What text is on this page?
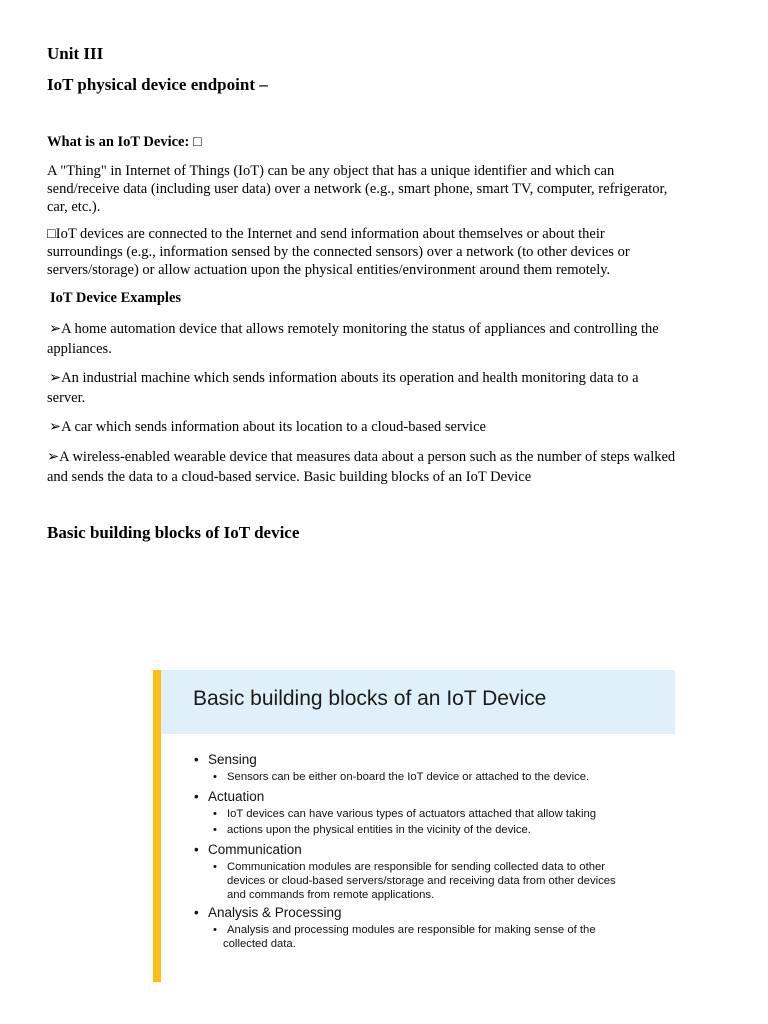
Unit III
IoT physical device endpoint –
What is an IoT Device: □
A "Thing" in Internet of Things (IoT) can be any object that has a unique identifier and which can
send/receive data (including user data) over a network (e.g., smart phone, smart TV, computer, refrigerator,
car, etc.).
□IoT devices are connected to the Internet and send information about themselves or about their
surroundings (e.g., information sensed by the connected sensors) over a network (to other devices or
servers/storage) or allow actuation upon the physical entities/environment around them remotely.
IoT Device Examples
➢A home automation device that allows remotely monitoring the status of appliances and controlling the
appliances.
➢An industrial machine which sends information abouts its operation and health monitoring data to a
server.
➢A car which sends information about its location to a cloud-based service
➢A wireless-enabled wearable device that measures data about a person such as the number of steps walked
and sends the data to a cloud-based service. Basic building blocks of an IoT Device
Basic building blocks of IoT device
Basic building blocks of an IoT Device
• Sensing
• Sensors can be either on-board the IoT device or attached to the device.
• Actuation
• IoT devices can have various types of actuators attached that allow taking
• actions upon the physical entities in the vicinity of the device.
• Communication
• Communication modules are responsible for sending collected data to other
devices or cloud-based servers/storage and receiving data from other devices
and commands from remote applications.
• Analysis & Processing
• Analysis and processing modules are responsible for making sense of the
collected data.
